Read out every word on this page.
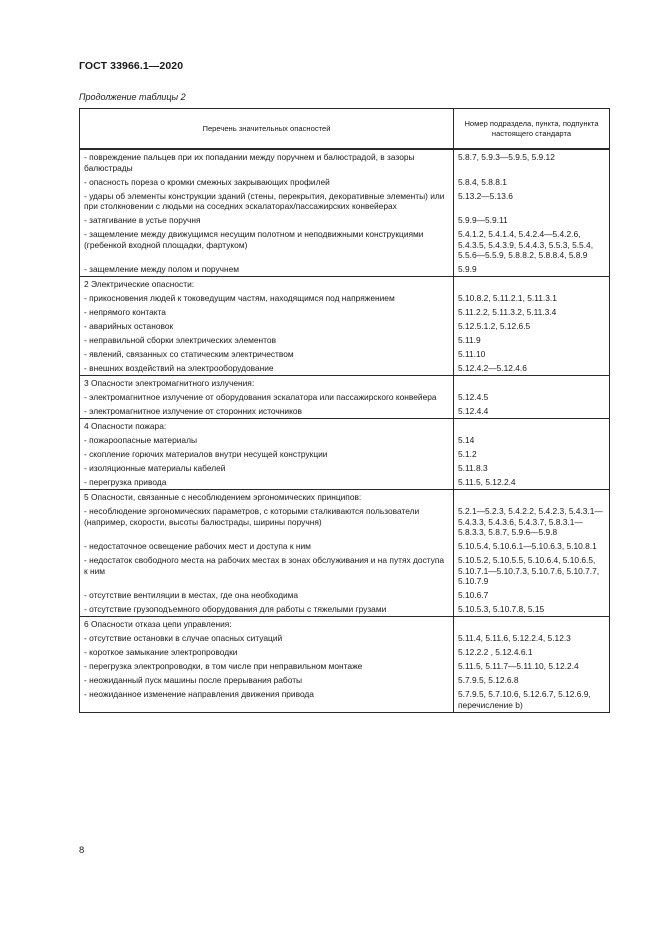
ГОСТ 33966.1—2020
Продолжение таблицы 2
Перечень значительных опасностей	Номер подраздела, пункта, подпункта настоящего стандарта
- повреждение пальцев при их попадании между поручнем и балюстрадой, в зазоры балюстрады	5.8.7, 5.9.3—5.9.5, 5.9.12
- опасность пореза о кромки смежных закрывающих профилей	5.8.4, 5.8.8.1
- удары об элементы конструкции зданий (стены, перекрытия, декоративные элементы) или при столкновении с людьми на соседних эскалаторах/пассажирских конвейерах	5.13.2—5.13.6
- затягивание в устье поручня	5.9.9—5.9.11
- защемление между движущимся несущим полотном и неподвижными конструкциями (гребенкой входной площадки, фартуком)	5.4.1.2, 5.4.1.4, 5.4.2.4—5.4.2.6, 5.4.3.5, 5.4.3.9, 5.4.4.3, 5.5.3, 5.5.4, 5.5.6—5.5.9, 5.8.8.2, 5.8.8.4, 5.8.9
- защемление между полом и поручнем	5.9.9
2 Электрические опасности:	
- прикосновения людей к токоведущим частям, находящимся под напряжением	5.10.8.2, 5.11.2.1, 5.11.3.1
- непрямого контакта	5.11.2.2, 5.11.3.2, 5.11.3.4
- аварийных остановок	5.12.5.1.2, 5.12.6.5
- неправильной сборки электрических элементов	5.11.9
- явлений, связанных со статическим электричеством	5.11.10
- внешних воздействий на электрооборудование	5.12.4.2—5.12.4.6
3 Опасности электромагнитного излучения:	
- электромагнитное излучение от оборудования эскалатора или пассажирского конвейера	5.12.4.5
- электромагнитное излучение от сторонних источников	5.12.4.4
4 Опасности пожара:	
- пожароопасные материалы	5.14
- скопление горючих материалов внутри несущей конструкции	5.1.2
- изоляционные материалы кабелей	5.11.8.3
- перегрузка привода	5.11.5, 5.12.2.4
5 Опасности, связанные с несоблюдением эргономических принципов:	
- несоблюдение эргономических параметров, с которыми сталкиваются пользователи (например, скорости, высоты балюстрады, ширины поручня)	5.2.1—5.2.3, 5.4.2.2, 5.4.2.3, 5.4.3.1—5.4.3.3, 5.4.3.6, 5.4.3.7, 5.8.3.1—5.8.3.3, 5.8.7, 5.9.6—5.9.8
- недостаточное освещение рабочих мест и доступа к ним	5.10.5.4, 5.10.6.1—5.10.6.3, 5.10.8.1
- недостаток свободного места на рабочих местах в зонах обслуживания и на путях доступа к ним	5.10.5.2, 5.10.5.5, 5.10.6.4, 5.10.6.5, 5.10.7.1—5.10.7.3, 5.10.7.6, 5.10.7.7, 5.10.7.9
- отсутствие вентиляции в местах, где она необходима	5.10.6.7
- отсутствие грузоподъемного оборудования для работы с тяжелыми грузами	5.10.5.3, 5.10.7.8, 5.15
6 Опасности отказа цепи управления:	
- отсутствие остановки в случае опасных ситуаций	5.11.4, 5.11.6, 5.12.2.4, 5.12.3
- короткое замыкание электропроводки	5.12.2.2 , 5.12.4.6.1
- перегрузка электропроводки, в том числе при неправильном монтаже	5.11.5, 5.11.7—5.11.10, 5.12.2.4
- неожиданный пуск машины после прерывания работы	5.7.9.5, 5.12.6.8
- неожиданное изменение направления движения привода	5.7.9.5, 5.7.10.6, 5.12.6.7, 5.12.6.9, перечисление b)
8
